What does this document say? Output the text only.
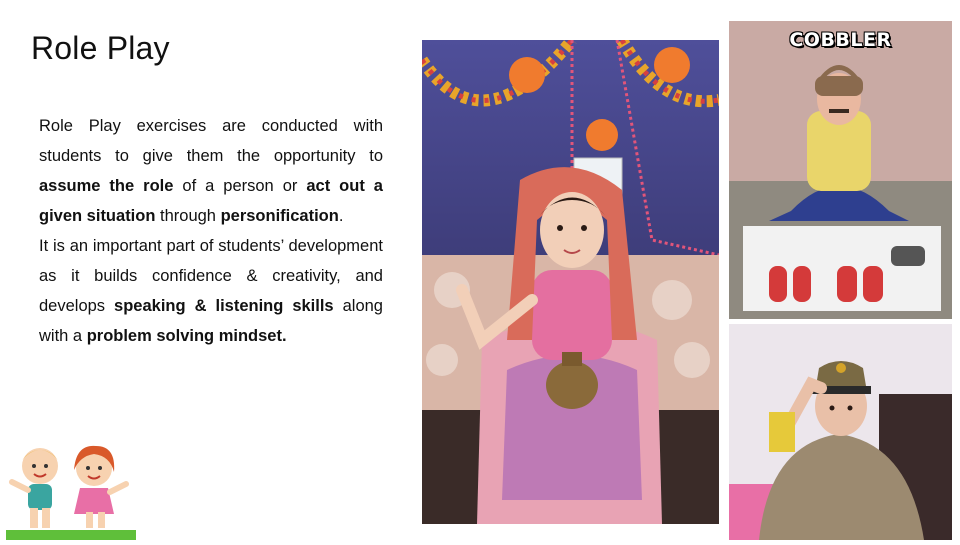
Role Play

Role Play exercises are conducted with students to give them the opportunity to assume the role of a person or act out a given situation through personification.

It is an important part of students’ development as it builds confidence & creativity, and develops speaking & listening skills along with a problem solving mindset.

COBBLER
